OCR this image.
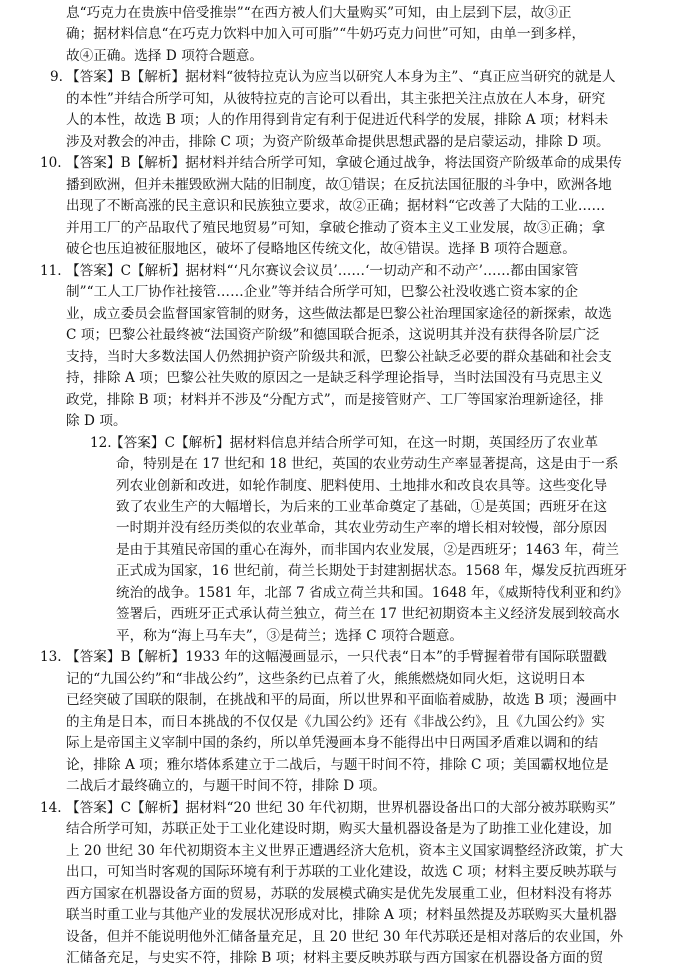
息“巧克力在贵族中倍受推崇”“在西方被人们大量购买”可知，由上层到下层，故③正

确；据材料信息“在巧克力饮料中加入可可脂”“牛奶巧克力问世”可知，由单一到多样，

故④正确。选择 D 项符合题意。

9. 【答案】B【解析】据材料“彼特拉克认为应当以研究人本身为主”、“真正应当研究的就是人

的本性”并结合所学可知，从彼特拉克的言论可以看出，其主张把关注点放在人本身，研究

人的本性，故选 B 项；人的作用得到肯定有利于促进近代科学的发展，排除 A 项；材料未

涉及对教会的冲击，排除 C 项；为资产阶级革命提供思想武器的是启蒙运动，排除 D 项。

10. 【答案】B【解析】据材料并结合所学可知，拿破仑通过战争，将法国资产阶级革命的成果传

播到欧洲，但并未摧毁欧洲大陆的旧制度，故①错误；在反抗法国征服的斗争中，欧洲各地

出现了不断高涨的民主意识和民族独立要求，故②正确；据材料“它改善了大陆的工业……

并用工厂的产品取代了殖民地贸易”可知，拿破仑推动了资本主义工业发展，故③正确；拿

破仑也压迫被征服地区，破坏了侵略地区传统文化，故④错误。选择 B 项符合题意。

11. 【答案】C【解析】据材料“‘凡尔赛议会议员’……‘一切动产和不动产’……都由国家管

制”“工人工厂协作社接管……企业”等并结合所学可知，巴黎公社没收逃亡资本家的企

业，成立委员会监督国家管制的财务，这些做法都是巴黎公社治理国家途径的新探索，故选

C 项；巴黎公社最终被“法国资产阶级”和德国联合扼杀，这说明其并没有获得各阶层广泛

支持，当时大多数法国人仍然拥护资产阶级共和派，巴黎公社缺乏必要的群众基础和社会支

持，排除 A 项；巴黎公社失败的原因之一是缺乏科学理论指导，当时法国没有马克思主义

政党，排除 B 项；材料并不涉及“分配方式”，而是接管财产、工厂等国家治理新途径，排

除 D 项。

12.

【答案】C【解析】据材料信息并结合所学可知，在这一时期，英国经历了农业革

命，特别是在 17 世纪和 18 世纪，英国的农业劳动生产率显著提高，这是由于一系

列农业创新和改进，如轮作制度、肥料使用、土地排水和改良农具等。这些变化导

致了农业生产的大幅增长，为后来的工业革命奠定了基础，①是英国；西班牙在这

一时期并没有经历类似的农业革命，其农业劳动生产率的增长相对较慢，部分原因

是由于其殖民帝国的重心在海外，而非国内农业发展，②是西班牙；1463 年，荷兰

正式成为国家，16 世纪前，荷兰长期处于封建割据状态。1568 年，爆发反抗西班牙

统治的战争。1581 年，北部 7 省成立荷兰共和国。1648 年，《威斯特伐利亚和约》

签署后，西班牙正式承认荷兰独立，荷兰在 17 世纪初期资本主义经济发展到较高水

平，称为“海上马车夫”，③是荷兰；选择 C 项符合题意。

13. 【答案】B【解析】1933 年的这幅漫画显示，一只代表“日本”的手臂握着带有国际联盟戳

记的“九国公约”和“非战公约”，这些条约已点着了火，熊熊燃烧如同火炬，这说明日本

已经突破了国联的限制，在挑战和平的局面，所以世界和平面临着威胁，故选 B 项；漫画中

的主角是日本，而日本挑战的不仅仅是《九国公约》还有《非战公约》，且《九国公约》实

际上是帝国主义宰制中国的条约，所以单凭漫画本身不能得出中日两国矛盾难以调和的结

论，排除 A 项；雅尔塔体系建立于二战后，与题干时间不符，排除 C 项；美国霸权地位是

二战后才最终确立的，与题干时间不符，排除 D 项。

14. 【答案】C【解析】据材料“20 世纪 30 年代初期，世界机器设备出口的大部分被苏联购买”

结合所学可知，苏联正处于工业化建设时期，购买大量机器设备是为了助推工业化建设，加

上 20 世纪 30 年代初期资本主义世界正遭遇经济大危机，资本主义国家调整经济政策，扩大

出口，可知当时客观的国际环境有利于苏联的工业化建设，故选 C 项；材料主要反映苏联与

西方国家在机器设备方面的贸易，苏联的发展模式确实是优先发展重工业，但材料没有将苏

联当时重工业与其他产业的发展状况形成对比，排除 A 项；材料虽然提及苏联购买大量机器

设备，但并不能说明他外汇储备量充足，且 20 世纪 30 年代苏联还是相对落后的农业国，外

汇储备充足，与史实不符，排除 B 项；材料主要反映苏联与西方国家在机器设备方面的贸
